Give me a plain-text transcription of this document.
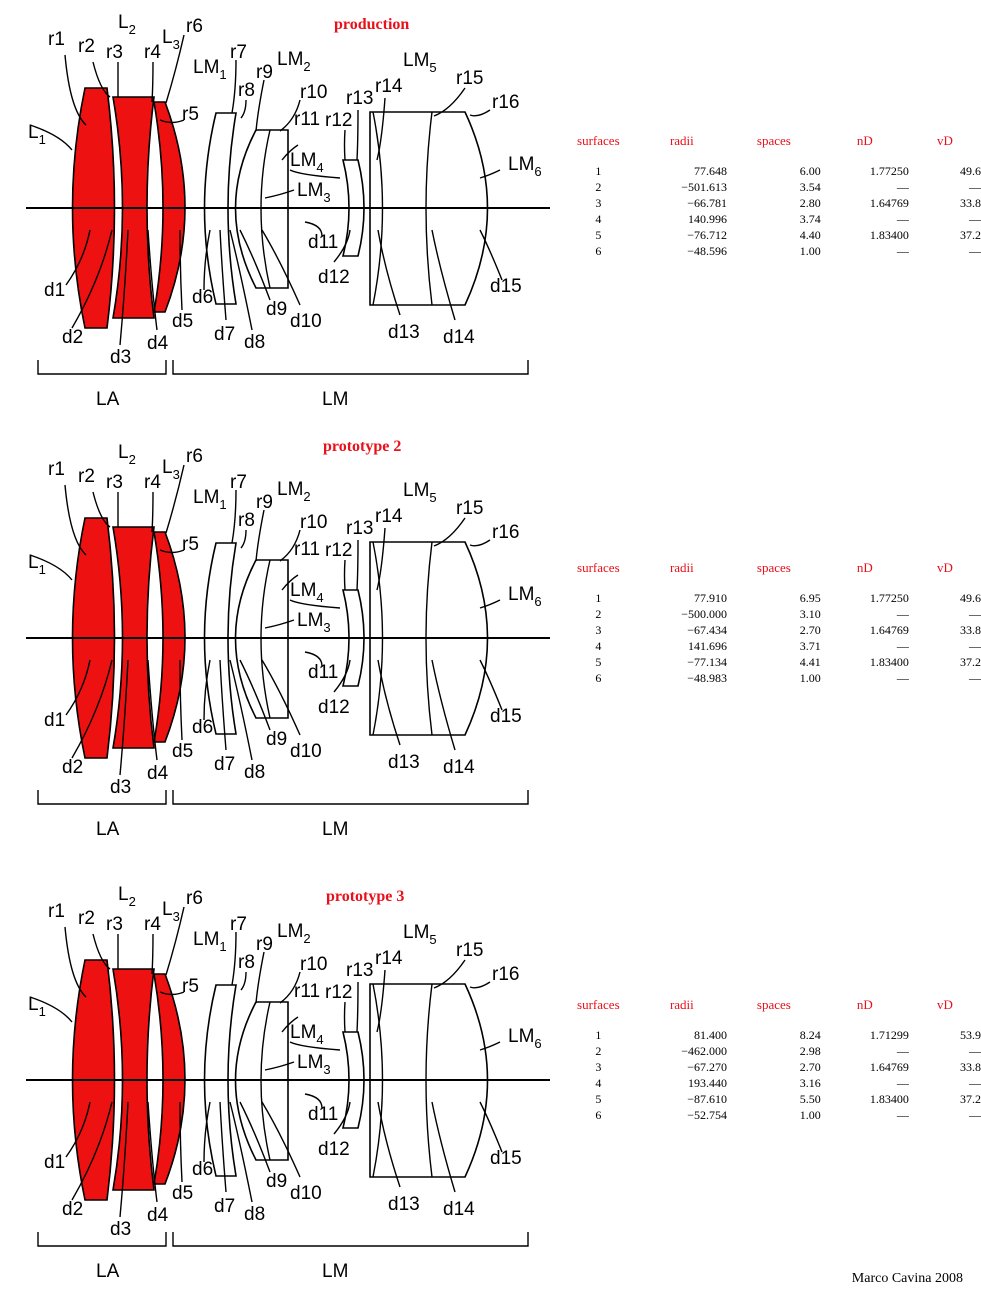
production
r1 r2 r3
$L_2$
r4
$L_3$
r6
r5
$LM_1$
r7
r8
r9
$LM_2$
r10
r11 r12
r13
r14
$LM_5$
r15
r16
$L_1$
$LM_4$
$LM_3$
$LM_6$
d1
d2
d3
d4
d5
d6
d7 d8
d9
d10
d11
d12
d13 d14
d15
LA	LM
surfaces	radii	spaces	nD	vD
1	77.648	6.00	1.77250	49.6
2	−501.613	3.54	—	—
3	−66.781	2.80	1.64769	33.8
4	140.996	3.74	—	—
5	−76.712	4.40	1.83400	37.2
6	−48.596	1.00	—	—
prototype 2
r1 r2 r3
$L_2$
r4
$L_3$
r6
r5
$LM_1$
r7
r8
r9
$LM_2$
r10
r11 r12
r13
r14
$LM_5$
r15
r16
$L_1$
$LM_4$
$LM_3$
$LM_6$
d1
d2
d3
d4
d5
d6
d7 d8
d9
d10
d11
d12
d13 d14
d15
LA	LM
surfaces	radii	spaces	nD	vD
1	77.910	6.95	1.77250	49.6
2	−500.000	3.10	—	—
3	−67.434	2.70	1.64769	33.8
4	141.696	3.71	—	—
5	−77.134	4.41	1.83400	37.2
6	−48.983	1.00	—	—
prototype 3
r1 r2 r3
$L_2$
r4
$L_3$
r6
r5
$LM_1$
r7
r8
r9
$LM_2$
r10
r11 r12
r13
r14
$LM_5$
r15
r16
$L_1$
$LM_4$
$LM_3$
$LM_6$
d1
d2
d3
d4
d5
d6
d7 d8
d9
d10
d11
d12
d13 d14
d15
LA	LM
surfaces	radii	spaces	nD	vD
1	81.400	8.24	1.71299	53.9
2	−462.000	2.98	—	—
3	−67.270	2.70	1.64769	33.8
4	193.440	3.16	—	—
5	−87.610	5.50	1.83400	37.2
6	−52.754	1.00	—	—
Marco Cavina 2008
